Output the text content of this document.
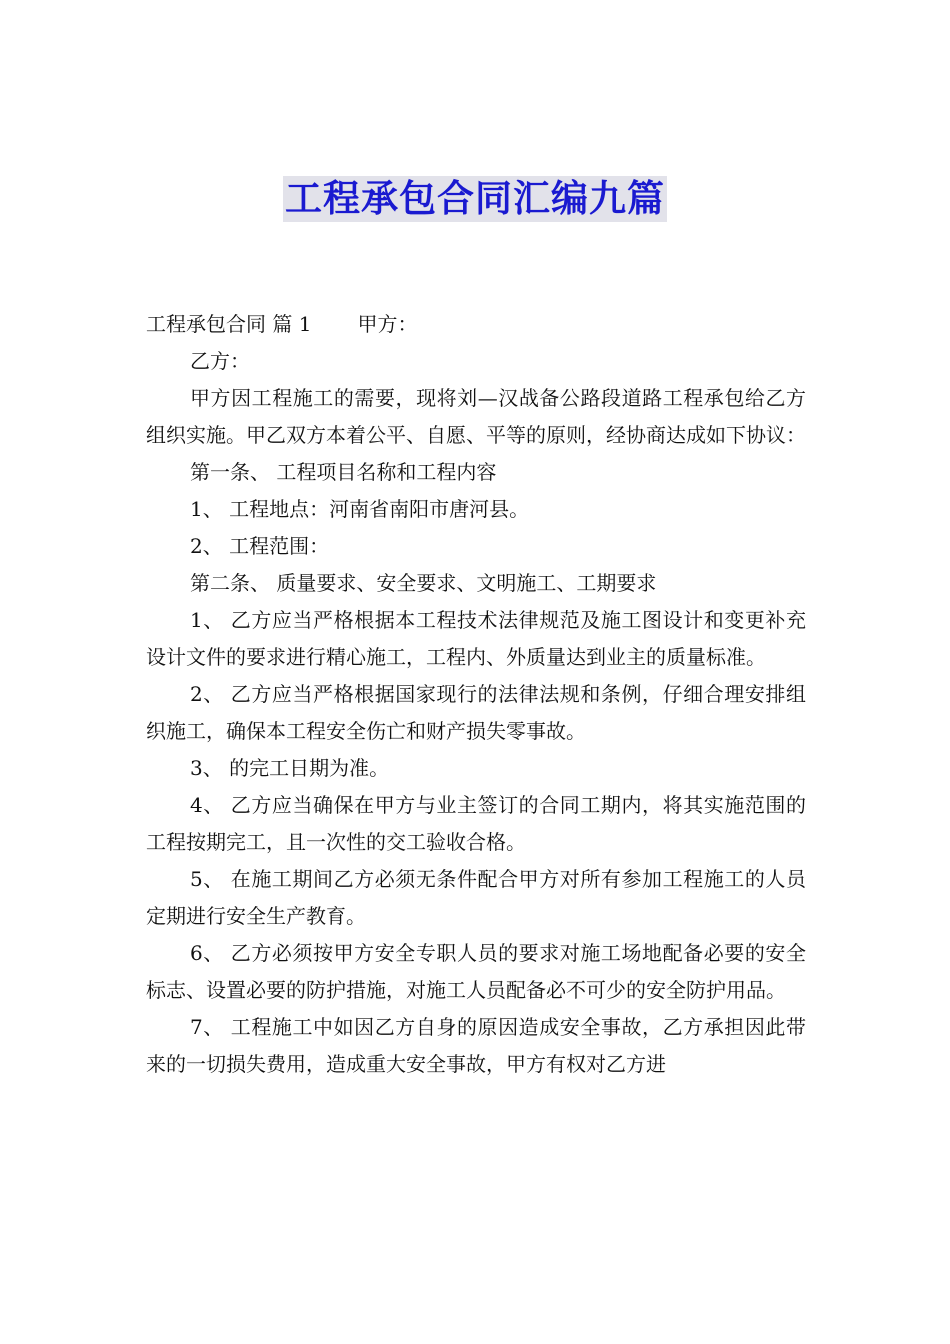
工程承包合同汇编九篇

工程承包合同 篇 1 甲方：

乙方：

甲方因工程施工的需要，现将刘—汉战备公路段道路工程承包给乙方组织实施。甲乙双方本着公平、自愿、平等的原则，经协商达成如下协议：

第一条、 工程项目名称和工程内容

1、 工程地点：河南省南阳市唐河县。

2、 工程范围：

第二条、 质量要求、安全要求、文明施工、工期要求

1、 乙方应当严格根据本工程技术法律规范及施工图设计和变更补充设计文件的要求进行精心施工，工程内、外质量达到业主的质量标准。

2、 乙方应当严格根据国家现行的法律法规和条例，仔细合理安排组织施工，确保本工程安全伤亡和财产损失零事故。

3、 的完工日期为准。

4、 乙方应当确保在甲方与业主签订的合同工期内，将其实施范围的工程按期完工，且一次性的交工验收合格。

5、 在施工期间乙方必须无条件配合甲方对所有参加工程施工的人员定期进行安全生产教育。

6、 乙方必须按甲方安全专职人员的要求对施工场地配备必要的安全标志、设置必要的防护措施，对施工人员配备必不可少的安全防护用品。

7、 工程施工中如因乙方自身的原因造成安全事故，乙方承担因此带来的一切损失费用，造成重大安全事故，甲方有权对乙方进
